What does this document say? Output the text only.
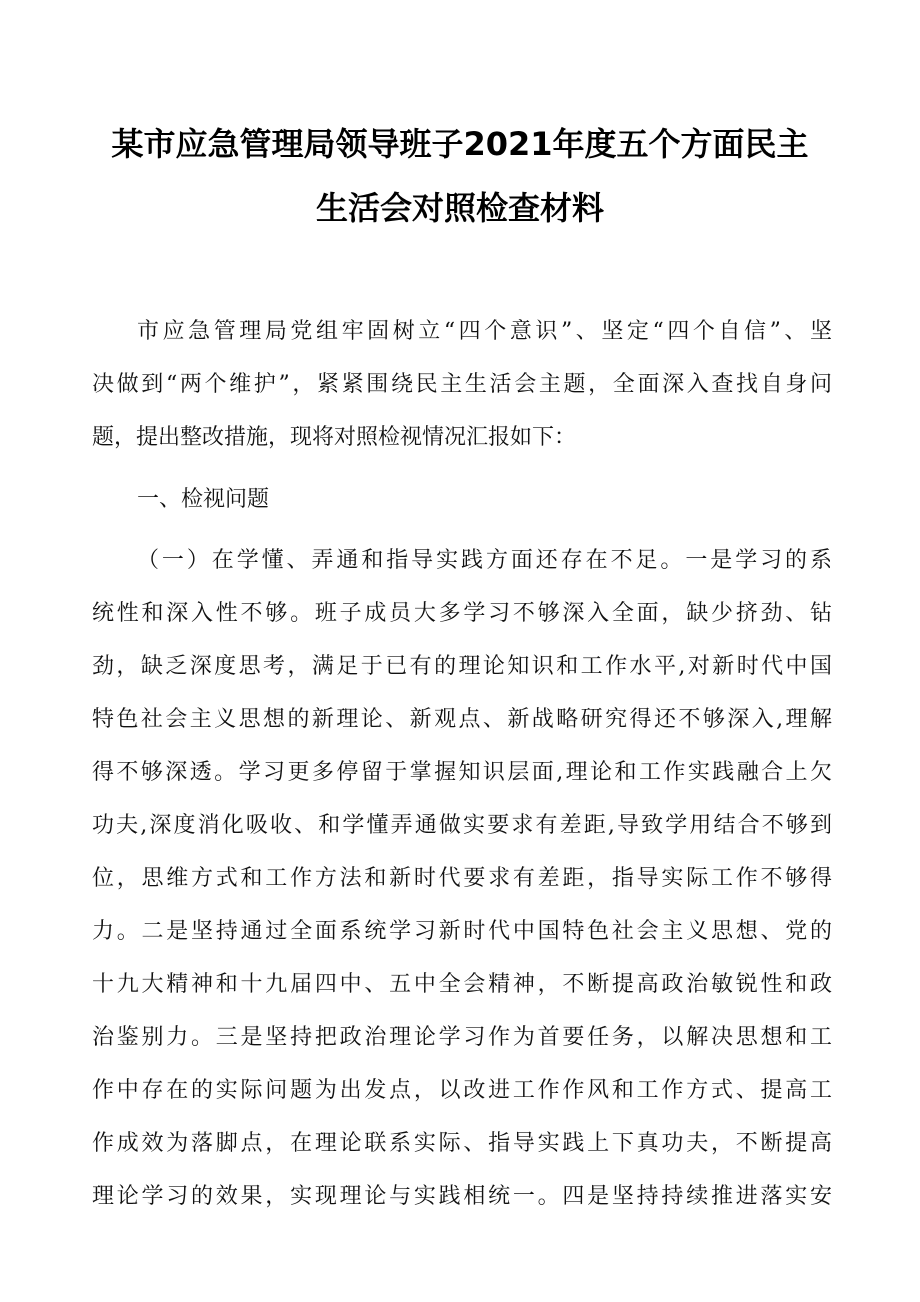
某市应急管理局领导班子2021年度五个方面民主
生活会对照检查材料
市应急管理局党组牢固树立“四个意识”、坚定“四个自信”、坚
决做到“两个维护”，紧紧围绕民主生活会主题，全面深入查找自身问
题，提出整改措施，现将对照检视情况汇报如下：
一、检视问题
（一）在学懂、弄通和指导实践方面还存在不足。一是学习的系
统性和深入性不够。班子成员大多学习不够深入全面，缺少挤劲、钻
劲，缺乏深度思考，满足于已有的理论知识和工作水平,对新时代中国
特色社会主义思想的新理论、新观点、新战略研究得还不够深入,理解
得不够深透。学习更多停留于掌握知识层面,理论和工作实践融合上欠
功夫,深度消化吸收、和学懂弄通做实要求有差距,导致学用结合不够到
位，思维方式和工作方法和新时代要求有差距，指导实际工作不够得
力。二是坚持通过全面系统学习新时代中国特色社会主义思想、党的
十九大精神和十九届四中、五中全会精神，不断提高政治敏锐性和政
治鉴别力。三是坚持把政治理论学习作为首要任务，以解决思想和工
作中存在的实际问题为出发点，以改进工作作风和工作方式、提高工
作成效为落脚点，在理论联系实际、指导实践上下真功夫，不断提高
理论学习的效果，实现理论与实践相统一。四是坚持持续推进落实安
